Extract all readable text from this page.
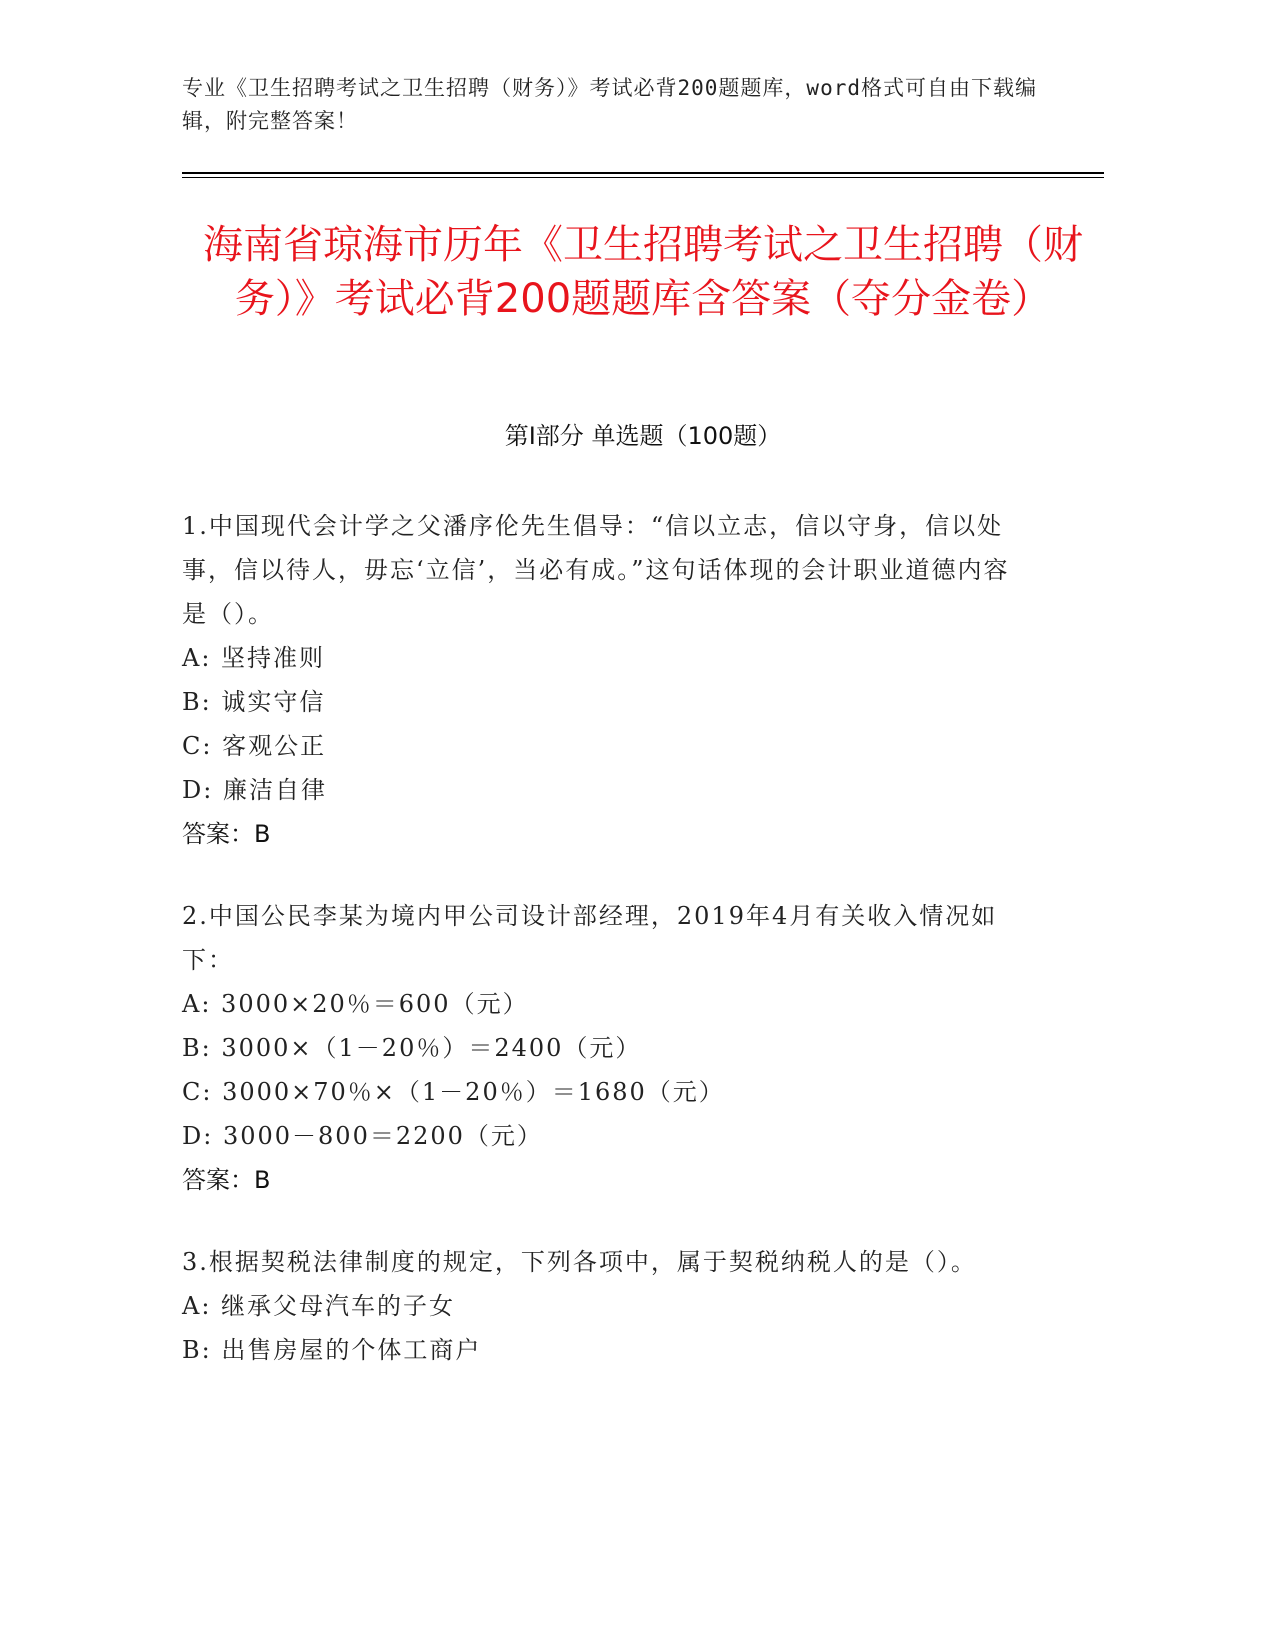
专业《卫生招聘考试之卫生招聘（财务）》考试必背200题题库，word格式可自由下载编辑，附完整答案！
海南省琼海市历年《卫生招聘考试之卫生招聘（财务）》考试必背200题题库含答案（夺分金卷）
第Ⅰ部分 单选题（100题）
1.中国现代会计学之父潘序伦先生倡导：“信以立志，信以守身，信以处事，信以待人，毋忘‘立信’，当必有成。”这句话体现的会计职业道德内容是（）。
A: 坚持准则
B: 诚实守信
C: 客观公正
D: 廉洁自律
答案：B
2.中国公民李某为境内甲公司设计部经理，2019年4月有关收入情况如下：
A: 3000×20％＝600（元）
B: 3000×（1－20％）＝2400（元）
C: 3000×70％×（1－20％）＝1680（元）
D: 3000－800＝2200（元）
答案：B
3.根据契税法律制度的规定，下列各项中，属于契税纳税人的是（）。
A: 继承父母汽车的子女
B: 出售房屋的个体工商户
